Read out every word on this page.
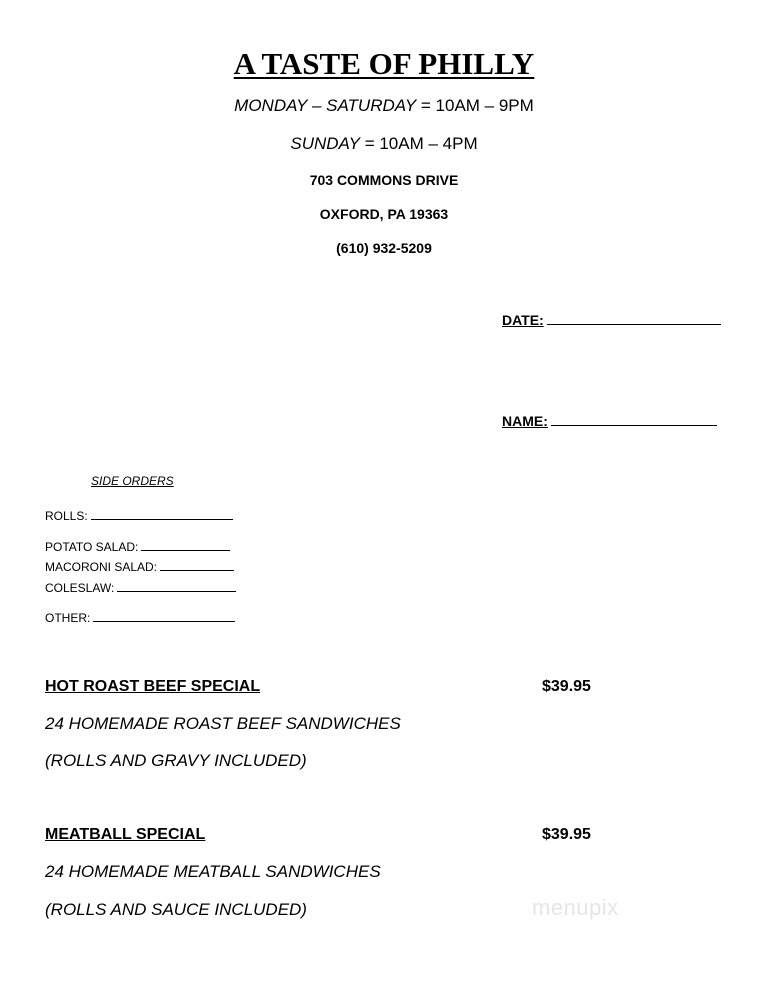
A TASTE OF PHILLY
MONDAY – SATURDAY = 10AM – 9PM
SUNDAY = 10AM – 4PM
703 COMMONS DRIVE
OXFORD, PA 19363
(610) 932-5209
DATE:
NAME:
SIDE ORDERS
ROLLS:
POTATO SALAD:
MACORONI SALAD:
COLESLAW:
OTHER:
HOT ROAST BEEF SPECIAL	$39.95
24 HOMEMADE ROAST BEEF SANDWICHES
(ROLLS AND GRAVY INCLUDED)
MEATBALL SPECIAL	$39.95
24 HOMEMADE MEATBALL SANDWICHES
(ROLLS AND SAUCE INCLUDED)	menupix
